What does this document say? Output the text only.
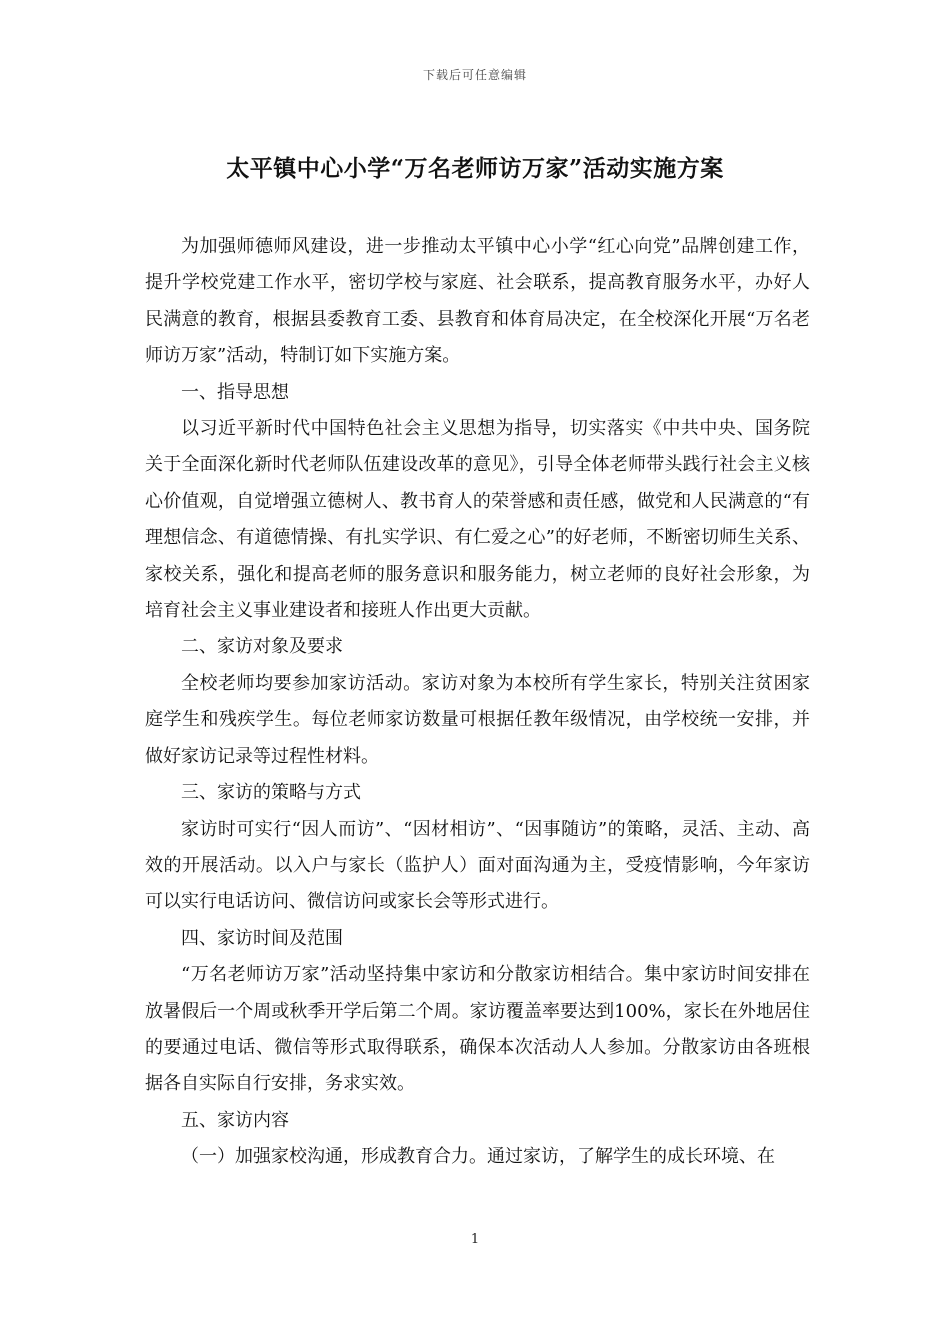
下载后可任意编辑
太平镇中心小学“万名老师访万家”活动实施方案

为加强师德师风建设，进一步推动太平镇中心小学“红心向党”品牌创建工作，提升学校党建工作水平，密切学校与家庭、社会联系，提高教育服务水平，办好人民满意的教育，根据县委教育工委、县教育和体育局决定，在全校深化开展“万名老师访万家”活动，特制订如下实施方案。

一、指导思想

以习近平新时代中国特色社会主义思想为指导，切实落实《中共中央、国务院关于全面深化新时代老师队伍建设改革的意见》，引导全体老师带头践行社会主义核心价值观，自觉增强立德树人、教书育人的荣誉感和责任感，做党和人民满意的“有理想信念、有道德情操、有扎实学识、有仁爱之心”的好老师，不断密切师生关系、家校关系，强化和提高老师的服务意识和服务能力，树立老师的良好社会形象，为培育社会主义事业建设者和接班人作出更大贡献。

二、家访对象及要求

全校老师均要参加家访活动。家访对象为本校所有学生家长，特别关注贫困家庭学生和残疾学生。每位老师家访数量可根据任教年级情况，由学校统一安排，并做好家访记录等过程性材料。

三、家访的策略与方式

家访时可实行“因人而访”、“因材相访”、“因事随访”的策略，灵活、主动、高效的开展活动。以入户与家长（监护人）面对面沟通为主，受疫情影响，今年家访可以实行电话访问、微信访问或家长会等形式进行。

四、家访时间及范围

“万名老师访万家”活动坚持集中家访和分散家访相结合。集中家访时间安排在放暑假后一个周或秋季开学后第二个周。家访覆盖率要达到100%，家长在外地居住的要通过电话、微信等形式取得联系，确保本次活动人人参加。分散家访由各班根据各自实际自行安排，务求实效。

五、家访内容

（一）加强家校沟通，形成教育合力。通过家访，了解学生的成长环境、在

1
